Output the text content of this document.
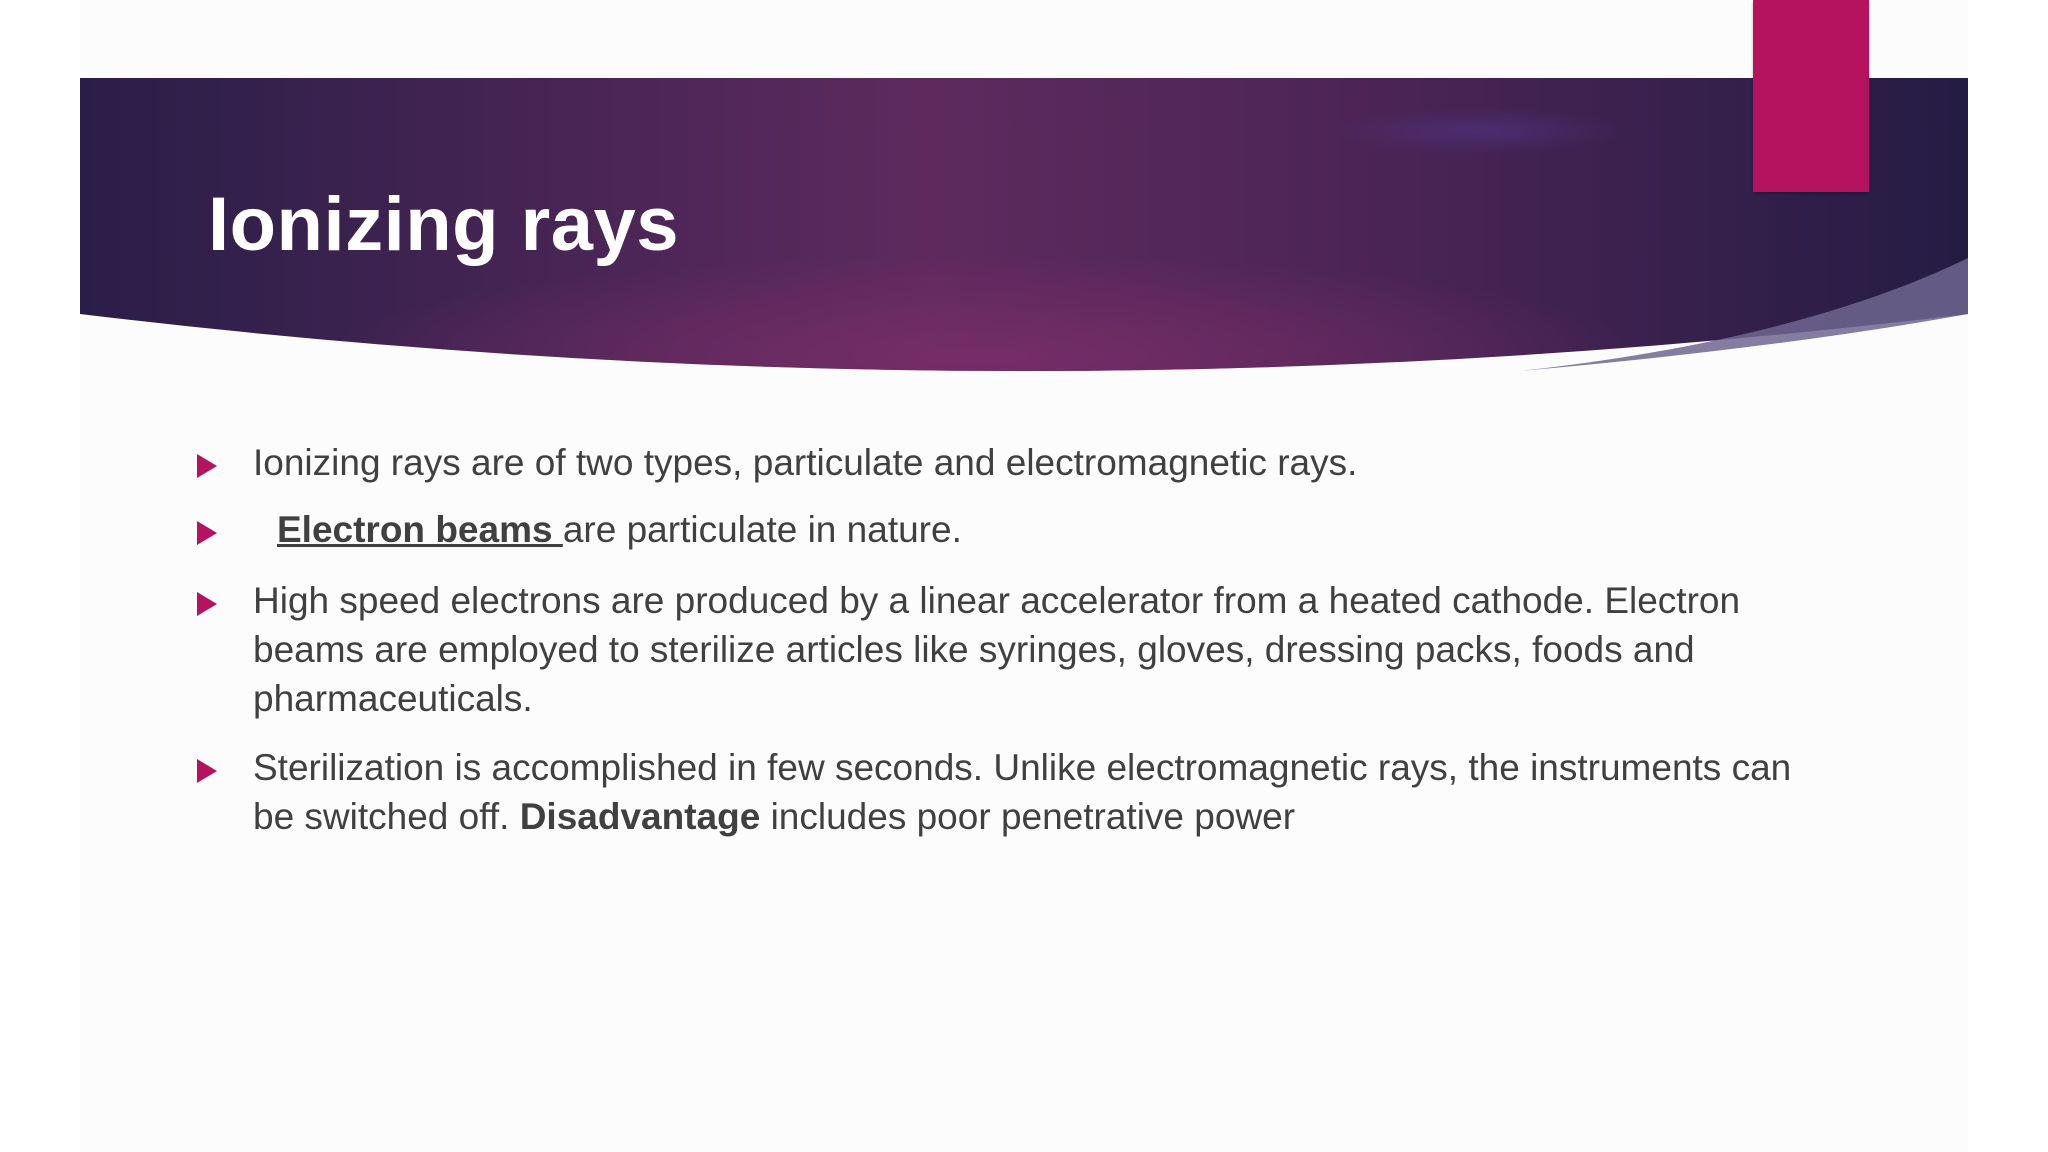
Ionizing rays
Ionizing rays are of two types, particulate and electromagnetic rays.
Electron beams are particulate in nature.
High speed electrons are produced by a linear accelerator from a heated cathode. Electron beams are employed to sterilize articles like syringes, gloves, dressing packs, foods and pharmaceuticals.
Sterilization is accomplished in few seconds. Unlike electromagnetic rays, the instruments can be switched off. Disadvantage includes poor penetrative power
